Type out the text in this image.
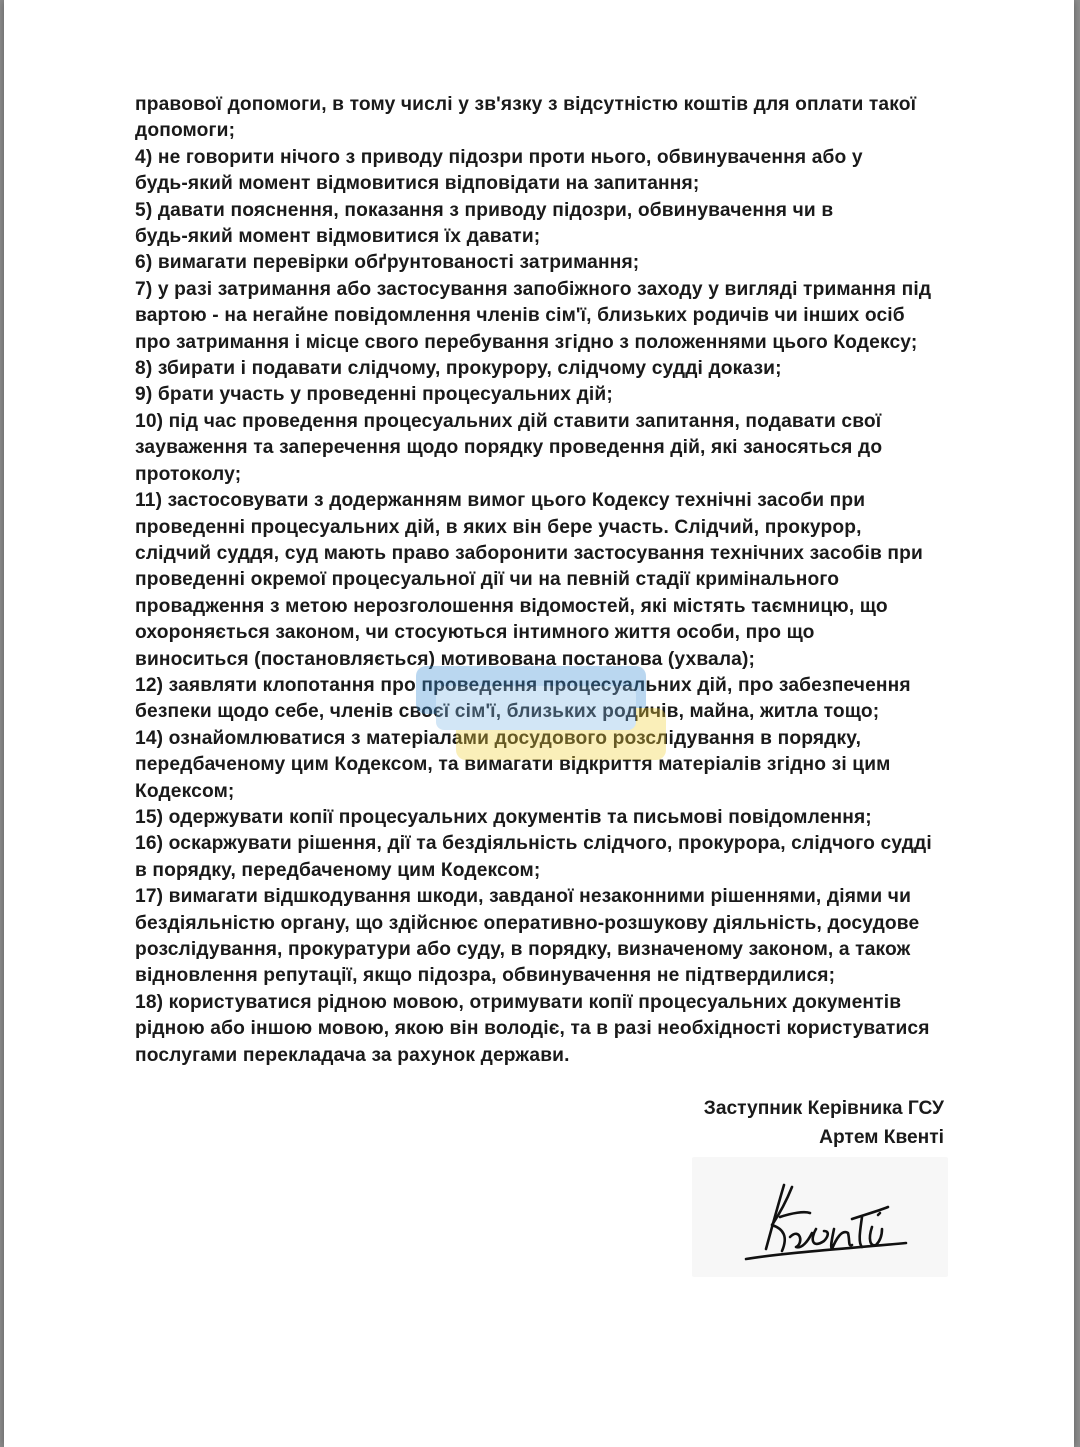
правової допомоги, в тому числі у зв'язку з відсутністю коштів для оплати такої
допомоги;
4) не говорити нічого з приводу підозри проти нього, обвинувачення або у
будь-який момент відмовитися відповідати на запитання;
5) давати пояснення, показання з приводу підозри, обвинувачення чи в
будь-який момент відмовитися їх давати;
6) вимагати перевірки обґрунтованості затримання;
7) у разі затримання або застосування запобіжного заходу у вигляді тримання під
вартою - на негайне повідомлення членів сім'ї, близьких родичів чи інших осіб
про затримання і місце свого перебування згідно з положеннями цього Кодексу;
8) збирати і подавати слідчому, прокурору, слідчому судді докази;
9) брати участь у проведенні процесуальних дій;
10) під час проведення процесуальних дій ставити запитання, подавати свої
зауваження та заперечення щодо порядку проведення дій, які заносяться до
протоколу;
11) застосовувати з додержанням вимог цього Кодексу технічні засоби при
проведенні процесуальних дій, в яких він бере участь. Слідчий, прокурор,
слідчий суддя, суд мають право заборонити застосування технічних засобів при
проведенні окремої процесуальної дії чи на певній стадії кримінального
провадження з метою нерозголошення відомостей, які містять таємницю, що
охороняється законом, чи стосуються інтимного життя особи, про що
виноситься (постановляється) мотивована постанова (ухвала);
12) заявляти клопотання про проведення процесуальних дій, про забезпечення
безпеки щодо себе, членів своєї сім'ї, близьких родичів, майна, житла тощо;
14) ознайомлюватися з матеріалами досудового розслідування в порядку,
передбаченому цим Кодексом, та вимагати відкриття матеріалів згідно зі цим
Кодексом;
15) одержувати копії процесуальних документів та письмові повідомлення;
16) оскаржувати рішення, дії та бездіяльність слідчого, прокурора, слідчого судді
в порядку, передбаченому цим Кодексом;
17) вимагати відшкодування шкоди, завданої незаконними рішеннями, діями чи
бездіяльністю органу, що здійснює оперативно-розшукову діяльність, досудове
розслідування, прокуратури або суду, в порядку, визначеному законом, а також
відновлення репутації, якщо підозра, обвинувачення не підтвердилися;
18) користуватися рідною мовою, отримувати копії процесуальних документів
рідною або іншою мовою, якою він володіє, та в разі необхідності користуватися
послугами перекладача за рахунок держави.
Заступник Керівника ГСУ
Артем Квенті
